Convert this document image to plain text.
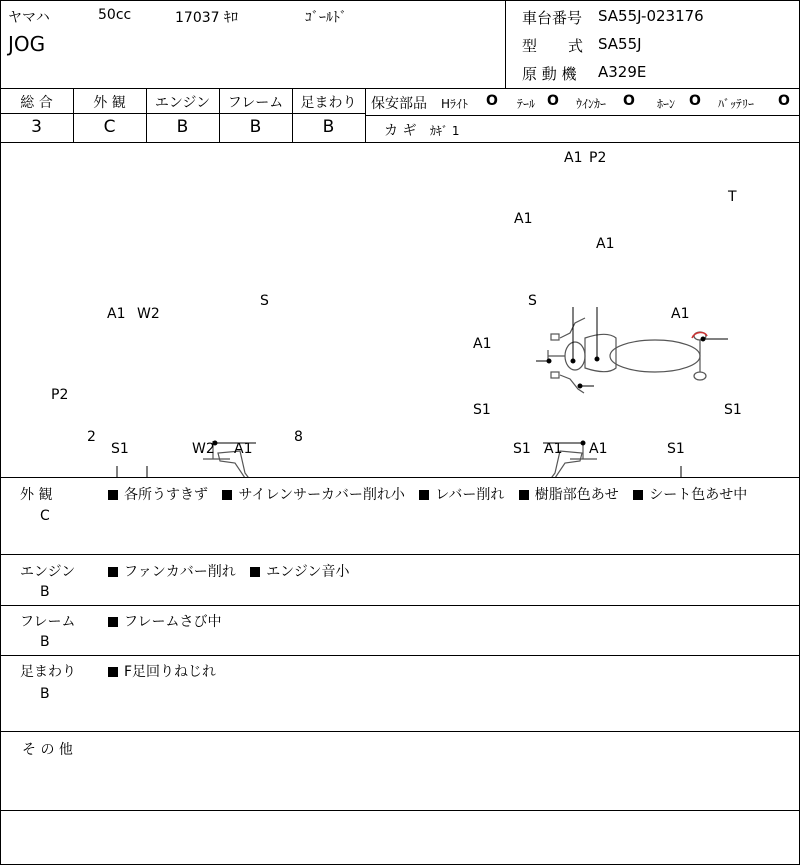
ヤマハ	50cc	17037 ｷﾛ	ｺﾞｰﾙﾄﾞ
JOG
車台番号 SA55J-023176
型 式 SA55J
原 動 機 A329E
総 合	外 観	エンジン	フレーム	足まわり
3	C	B	B	B
保安部品 Hﾗｲﾄ O ﾃｰﾙ O ｳｲﾝｶｰ O ﾎｰﾝ O ﾊﾞｯﾃﾘｰ O
カ ギ ｶｷﾞ 1
A1 P2
T
A1
A1
S
A1 W2
P2
2
S1	W2 A1
8
S
A1
A1
S1	S1
S1 A1 A1	S1
外 観
C
各所うすきず サイレンサーカバー削れ小 レバー削れ 樹脂部色あせ シート色あせ中
エンジン
B
ファンカバー削れ エンジン音小
フレーム
B
フレームさび中
足まわり
B
F足回りねじれ
そ の 他
